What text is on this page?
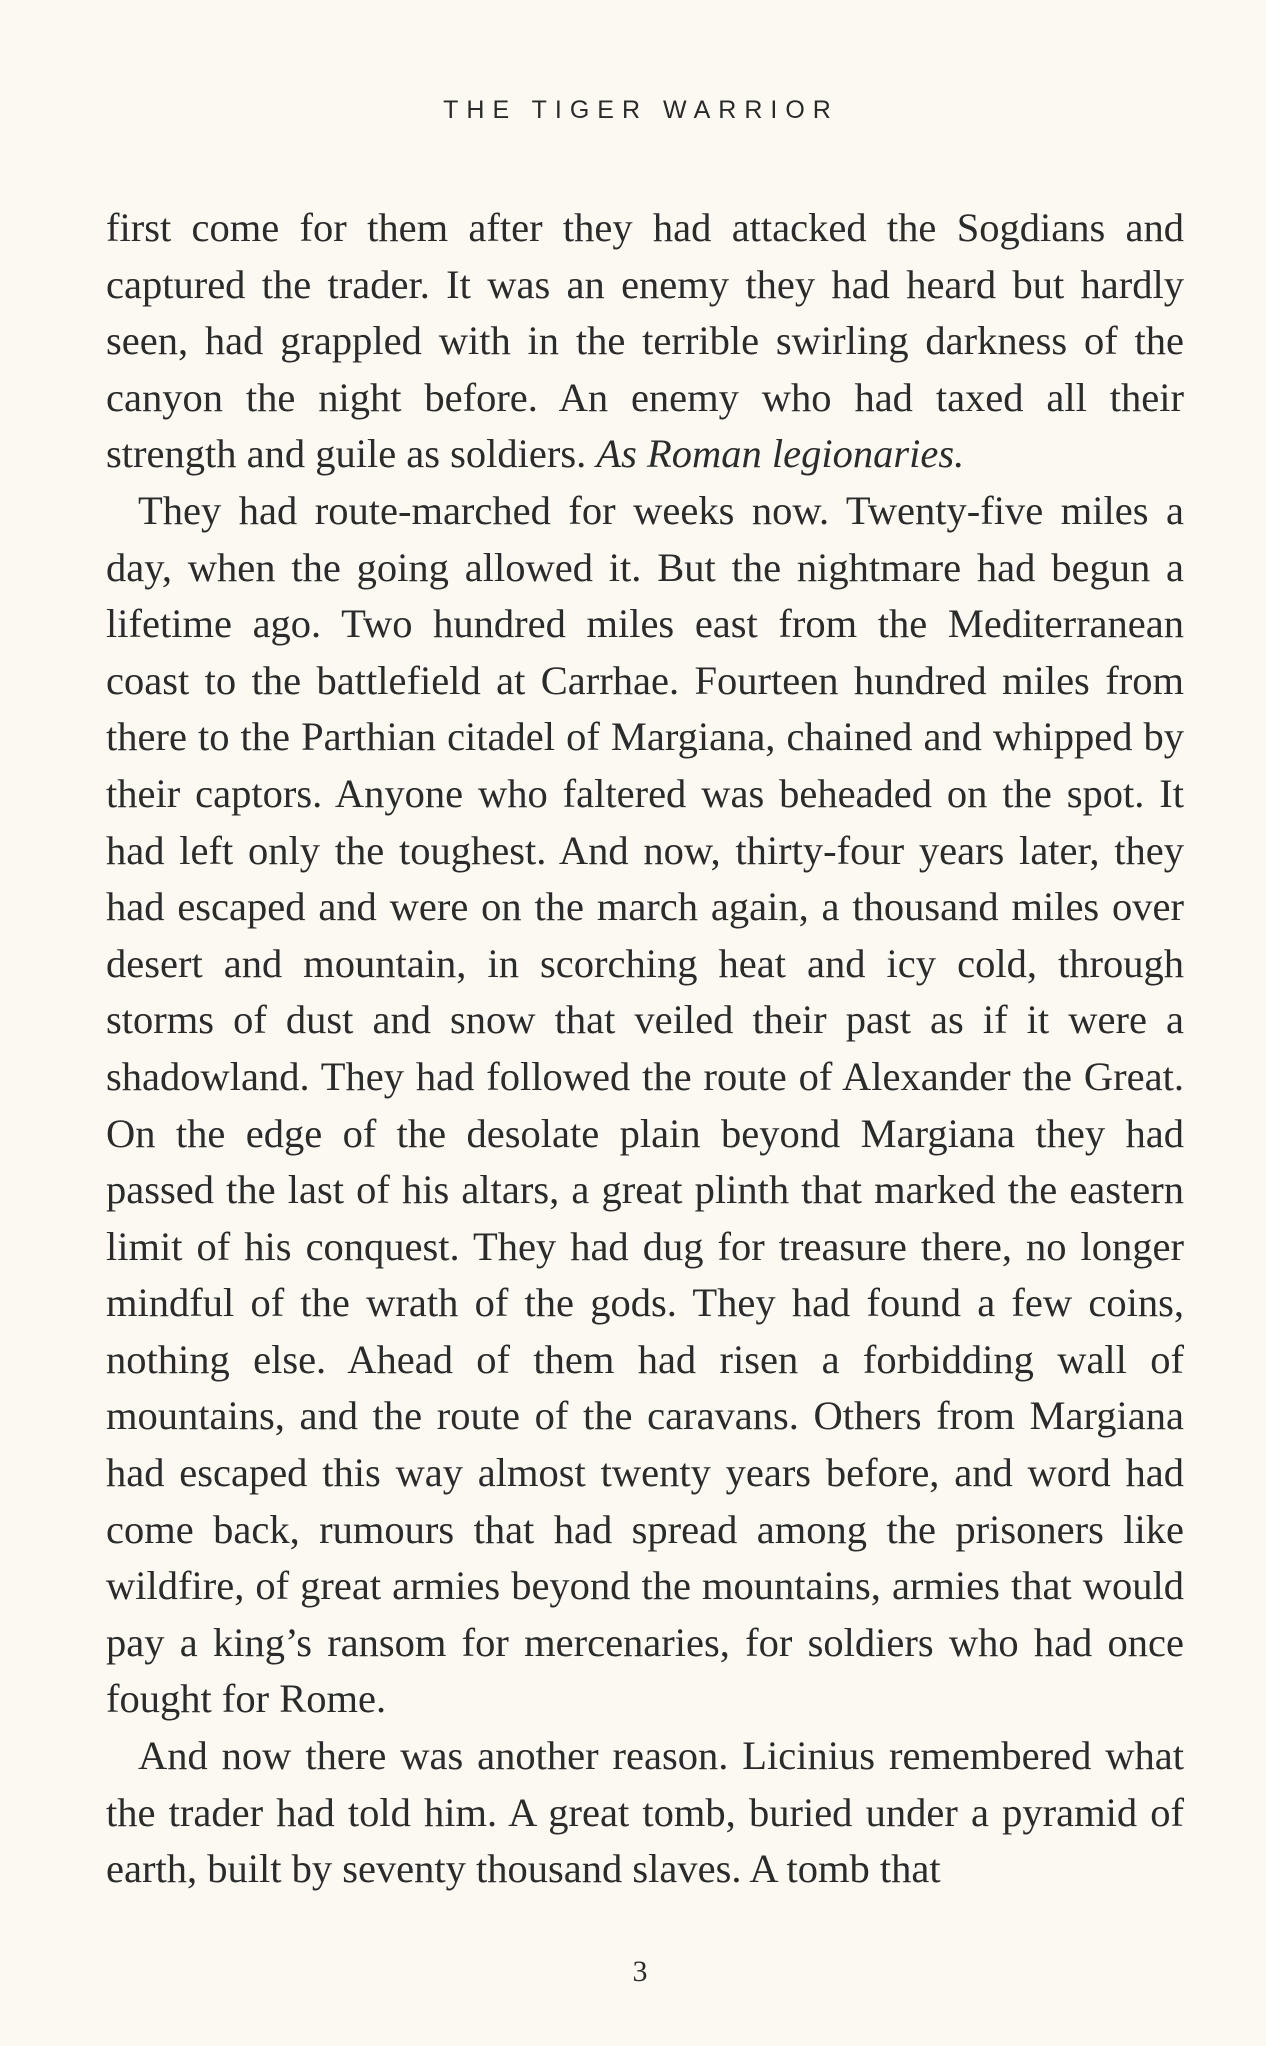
THE TIGER WARRIOR

first come for them after they had attacked the Sogdians and captured the trader. It was an enemy they had heard but hardly seen, had grappled with in the terrible swirling darkness of the canyon the night before. An enemy who had taxed all their strength and guile as soldiers. As Roman legionaries.

They had route-marched for weeks now. Twenty-five miles a day, when the going allowed it. But the nightmare had begun a lifetime ago. Two hundred miles east from the Mediterranean coast to the battlefield at Carrhae. Fourteen hundred miles from there to the Parthian citadel of Margiana, chained and whipped by their captors. Anyone who faltered was beheaded on the spot. It had left only the toughest. And now, thirty-four years later, they had escaped and were on the march again, a thousand miles over desert and mountain, in scorching heat and icy cold, through storms of dust and snow that veiled their past as if it were a shadowland. They had followed the route of Alexander the Great. On the edge of the desolate plain beyond Margiana they had passed the last of his altars, a great plinth that marked the eastern limit of his conquest. They had dug for treasure there, no longer mindful of the wrath of the gods. They had found a few coins, nothing else. Ahead of them had risen a forbidding wall of mountains, and the route of the caravans. Others from Margiana had escaped this way almost twenty years before, and word had come back, rumours that had spread among the prisoners like wildfire, of great armies beyond the mountains, armies that would pay a king’s ransom for mercenaries, for soldiers who had once fought for Rome.

And now there was another reason. Licinius remembered what the trader had told him. A great tomb, buried under a pyramid of earth, built by seventy thousand slaves. A tomb that

3
